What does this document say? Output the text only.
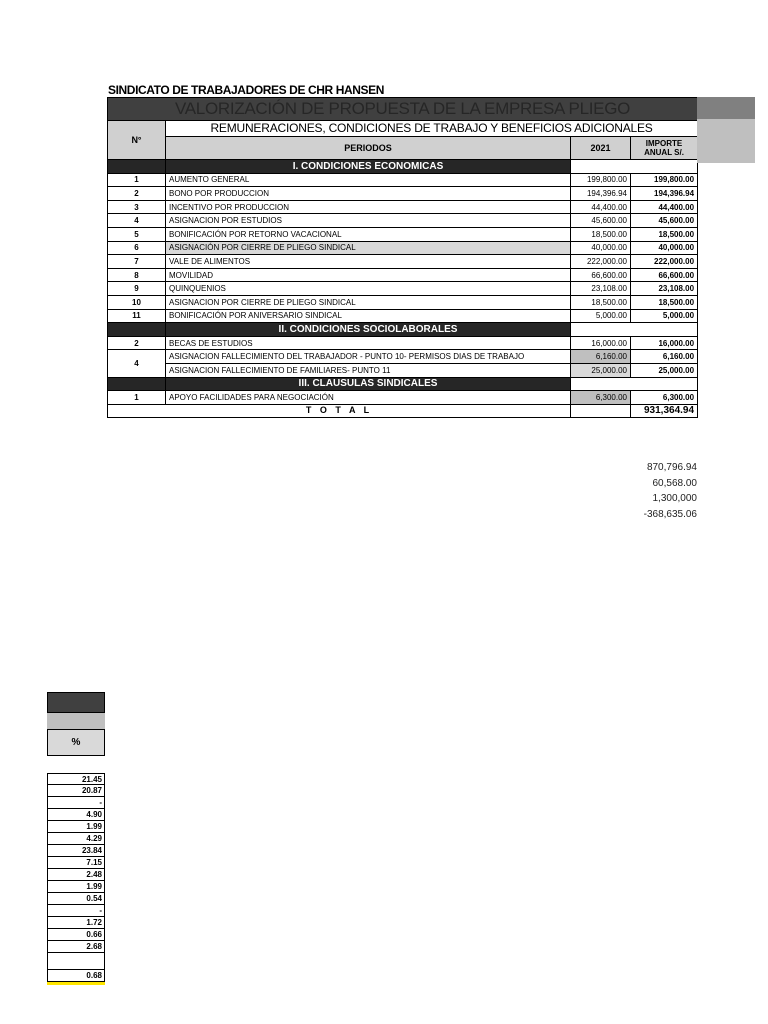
SINDICATO DE TRABAJADORES DE CHR HANSEN
VALORIZACIÓN DE PROPUESTA DE LA EMPRESA PLIEGO			
N°	REMUNERACIONES, CONDICIONES DE TRABAJO Y BENEFICIOS ADICIONALES		
	PERIODOS	2021	IMPORTE ANUAL S/.
	I. CONDICIONES ECONOMICAS		
1	AUMENTO GENERAL	199,800.00	199,800.00
2	BONO POR PRODUCCION	194,396.94	194,396.94
3	INCENTIVO POR PRODUCCION	44,400.00	44,400.00
4	ASIGNACION POR ESTUDIOS	45,600.00	45,600.00
5	BONIFICACIÓN POR RETORNO VACACIONAL	18,500.00	18,500.00
6	ASIGNACIÓN POR CIERRE DE PLIEGO SINDICAL	40,000.00	40,000.00
7	VALE DE ALIMENTOS	222,000.00	222,000.00
8	MOVILIDAD	66,600.00	66,600.00
9	QUINQUENIOS	23,108.00	23,108.00
10	ASIGNACION POR CIERRE DE PLIEGO SINDICAL	18,500.00	18,500.00
11	BONIFICACIÓN POR ANIVERSARIO SINDICAL	5,000.00	5,000.00
	II. CONDICIONES SOCIOLABORALES		
2	BECAS DE ESTUDIOS	16,000.00	16,000.00
4	ASIGNACION FALLECIMIENTO DEL TRABAJADOR - PUNTO 10- PERMISOS DIAS DE TRABAJO	6,160.00	6,160.00
	ASIGNACION FALLECIMIENTO DE FAMILIARES- PUNTO 11	25,000.00	25,000.00
	III. CLAUSULAS SINDICALES		
1	APOYO FACILIDADES PARA NEGOCIACIÓN	6,300.00	6,300.00
T O T A L			931,364.94
870,796.94
60,568.00
1,300,000
-368,635.06
%
21.45
20.87
-
4.90
1.99
4.29
23.84
7.15
2.48
1.99
0.54
-
1.72
0.66
2.68
0.68
